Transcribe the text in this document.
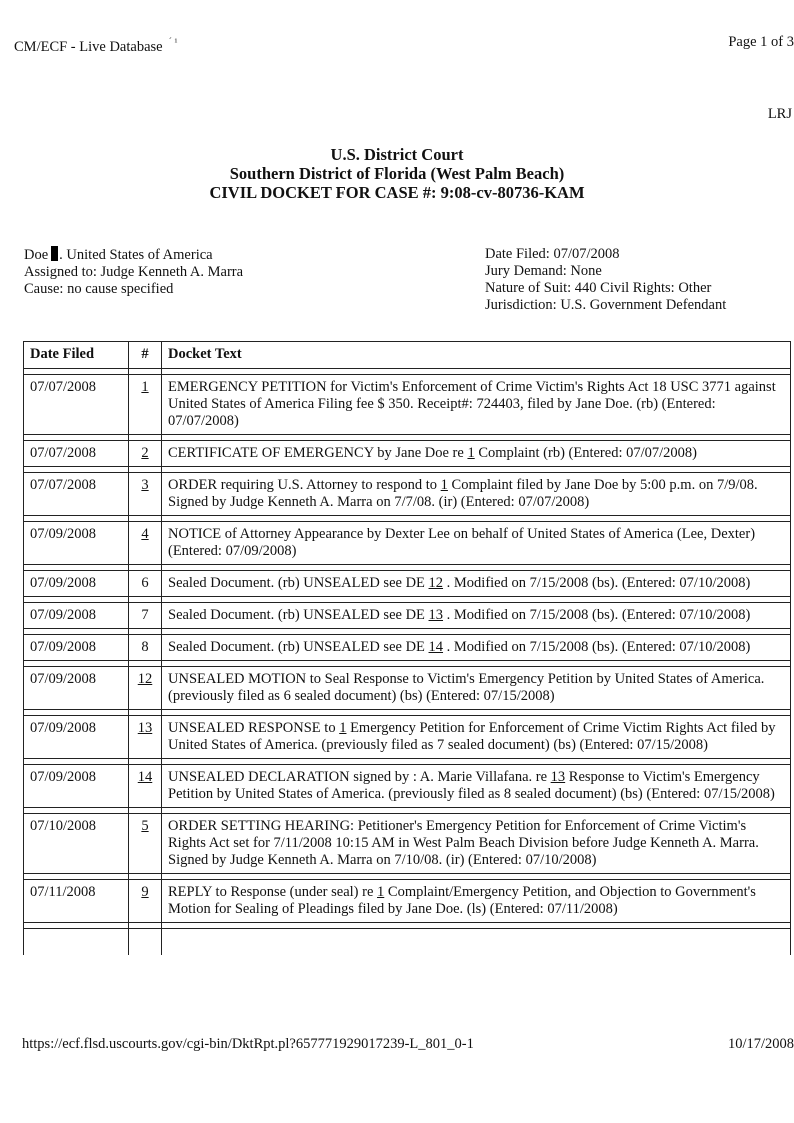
CM/ECF - Live Database $^{´ ^1}$	Page 1 of 3
LRJ
U.S. District Court
Southern District of Florida (West Palm Beach)
CIVIL DOCKET FOR CASE #: 9:08-cv-80736-KAM
Doe . United States of America
Assigned to: Judge Kenneth A. Marra
Cause: no cause specified
Date Filed: 07/07/2008
Jury Demand: None
Nature of Suit: 440 Civil Rights: Other
Jurisdiction: U.S. Government Defendant
Date Filed	#	Docket Text

07/07/2008	1	EMERGENCY PETITION for Victim's Enforcement of Crime Victim's Rights Act 18 USC 3771 against United States of America Filing fee $ 350. Receipt#: 724403, filed by Jane Doe. (rb) (Entered: 07/07/2008)

07/07/2008	2	CERTIFICATE OF EMERGENCY by Jane Doe re 1 Complaint (rb) (Entered: 07/07/2008)

07/07/2008	3	ORDER requiring U.S. Attorney to respond to 1 Complaint filed by Jane Doe by 5:00 p.m. on 7/9/08. Signed by Judge Kenneth A. Marra on 7/7/08. (ir) (Entered: 07/07/2008)

07/09/2008	4	NOTICE of Attorney Appearance by Dexter Lee on behalf of United States of America (Lee, Dexter) (Entered: 07/09/2008)

07/09/2008	6	Sealed Document. (rb) UNSEALED see DE 12 . Modified on 7/15/2008 (bs). (Entered: 07/10/2008)

07/09/2008	7	Sealed Document. (rb) UNSEALED see DE 13 . Modified on 7/15/2008 (bs). (Entered: 07/10/2008)

07/09/2008	8	Sealed Document. (rb) UNSEALED see DE 14 . Modified on 7/15/2008 (bs). (Entered: 07/10/2008)

07/09/2008	12	UNSEALED MOTION to Seal Response to Victim's Emergency Petition by United States of America. (previously filed as 6 sealed document) (bs) (Entered: 07/15/2008)

07/09/2008	13	UNSEALED RESPONSE to 1 Emergency Petition for Enforcement of Crime Victim Rights Act filed by United States of America. (previously filed as 7 sealed document) (bs) (Entered: 07/15/2008)

07/09/2008	14	UNSEALED DECLARATION signed by : A. Marie Villafana. re 13 Response to Victim's Emergency Petition by United States of America. (previously filed as 8 sealed document) (bs) (Entered: 07/15/2008)

07/10/2008	5	ORDER SETTING HEARING: Petitioner's Emergency Petition for Enforcement of Crime Victim's Rights Act set for 7/11/2008 10:15 AM in West Palm Beach Division before Judge Kenneth A. Marra. Signed by Judge Kenneth A. Marra on 7/10/08. (ir) (Entered: 07/10/2008)

07/11/2008	9	REPLY to Response (under seal) re 1 Complaint/Emergency Petition, and Objection to Government's Motion for Sealing of Pleadings filed by Jane Doe. (ls) (Entered: 07/11/2008)

https://ecf.flsd.uscourts.gov/cgi-bin/DktRpt.pl?657771929017239-L_801_0-1	10/17/2008
